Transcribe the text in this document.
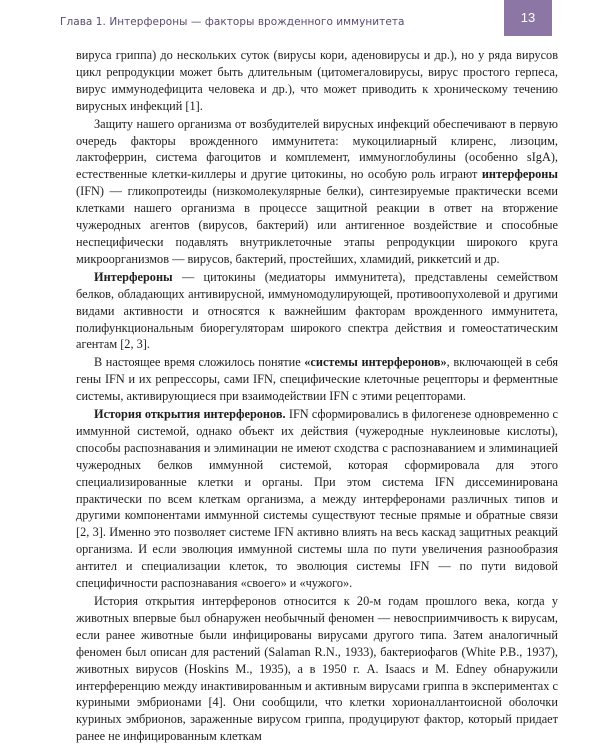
Глава 1. Интерфероны — факторы врожденного иммунитета	13

вируса гриппа) до нескольких суток (вирусы кори, аденовирусы и др.), но у ряда вирусов цикл репродукции может быть длительным (цитомегаловирусы, вирус простого герпеса, вирус иммунодефицита человека и др.), что может приводить к хроническому течению вирусных инфекций [1].

Защиту нашего организма от возбудителей вирусных инфекций обеспечивают в первую очередь факторы врожденного иммунитета: мукоцилиарный клиренс, лизоцим, лактоферрин, система фагоцитов и комплемент, иммуноглобулины (особенно sIgA), естественные клетки-киллеры и другие цитокины, но особую роль играют интерфероны (IFN) — гликопротеиды (низкомолекулярные белки), синтезируемые практически всеми клетками нашего организма в процессе защитной реакции в ответ на вторжение чужеродных агентов (вирусов, бактерий) или антигенное воздействие и способные неспецифически подавлять внутриклеточные этапы репродукции широкого круга микроорганизмов — вирусов, бактерий, простейших, хламидий, риккетсий и др.

Интерфероны — цитокины (медиаторы иммунитета), представлены семейством белков, обладающих антивирусной, иммуномодулирующей, противоопухолевой и другими видами активности и относятся к важнейшим факторам врожденного иммунитета, полифункциональным биорегуляторам широкого спектра действия и гомеостатическим агентам [2, 3].

В настоящее время сложилось понятие «системы интерферонов», включающей в себя гены IFN и их репрессоры, сами IFN, специфические клеточные рецепторы и ферментные системы, активирующиеся при взаимодействии IFN с этими рецепторами.

История открытия интерферонов. IFN сформировались в филогенезе одновременно с иммунной системой, однако объект их действия (чужеродные нуклеиновые кислоты), способы распознавания и элиминации не имеют сходства с распознаванием и элиминацией чужеродных белков иммунной системой, которая сформировала для этого специализированные клетки и органы. При этом система IFN диссеминирована практически по всем клеткам организма, а между интерферонами различных типов и другими компонентами иммунной системы существуют тесные прямые и обратные связи [2, 3]. Именно это позволяет системе IFN активно влиять на весь каскад защитных реакций организма. И если эволюция иммунной системы шла по пути увеличения разнообразия антител и специализации клеток, то эволюция системы IFN — по пути видовой специфичности распознавания «своего» и «чужого».

История открытия интерферонов относится к 20-м годам прошлого века, когда у животных впервые был обнаружен необычный феномен — невосприимчивость к вирусам, если ранее животные были инфицированы вирусами другого типа. Затем аналогичный феномен был описан для растений (Salaman R.N., 1933), бактериофагов (White P.B., 1937), животных вирусов (Hoskins M., 1935), а в 1950 г. A. Isaacs и M. Edney обнаружили интерференцию между инактивированным и активным вирусами гриппа в экспериментах с куриными эмбрионами [4]. Они сообщили, что клетки хорионаллантоисной оболочки куриных эмбрионов, зараженные вирусом гриппа, продуцируют фактор, который придает ранее не инфицированным клеткам
